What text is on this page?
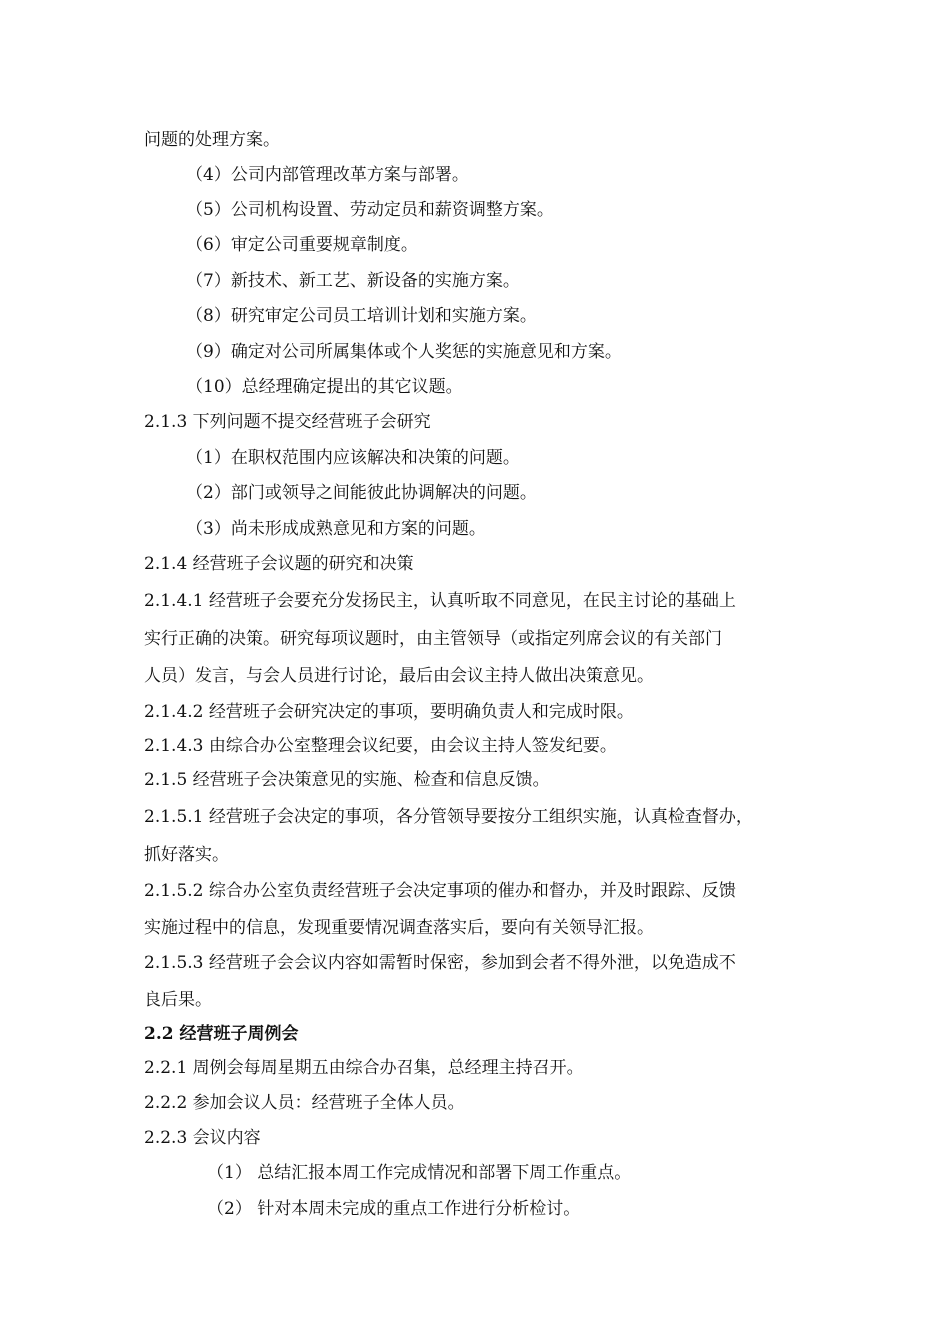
问题的处理方案。
（4）公司内部管理改革方案与部署。
（5）公司机构设置、劳动定员和薪资调整方案。
（6）审定公司重要规章制度。
（7）新技术、新工艺、新设备的实施方案。
（8）研究审定公司员工培训计划和实施方案。
（9）确定对公司所属集体或个人奖惩的实施意见和方案。
（10）总经理确定提出的其它议题。
2.1.3 下列问题不提交经营班子会研究
（1）在职权范围内应该解决和决策的问题。
（2）部门或领导之间能彼此协调解决的问题。
（3）尚未形成成熟意见和方案的问题。
2.1.4 经营班子会议题的研究和决策
2.1.4.1 经营班子会要充分发扬民主，认真听取不同意见，在民主讨论的基础上
实行正确的决策。研究每项议题时，由主管领导（或指定列席会议的有关部门
人员）发言，与会人员进行讨论，最后由会议主持人做出决策意见。
2.1.4.2 经营班子会研究决定的事项，要明确负责人和完成时限。
2.1.4.3 由综合办公室整理会议纪要，由会议主持人签发纪要。
2.1.5 经营班子会决策意见的实施、检查和信息反馈。
2.1.5.1 经营班子会决定的事项，各分管领导要按分工组织实施，认真检查督办，
抓好落实。
2.1.5.2 综合办公室负责经营班子会决定事项的催办和督办，并及时跟踪、反馈
实施过程中的信息，发现重要情况调查落实后，要向有关领导汇报。
2.1.5.3 经营班子会会议内容如需暂时保密，参加到会者不得外泄，以免造成不
良后果。
2.2 经营班子周例会
2.2.1 周例会每周星期五由综合办召集，总经理主持召开。
2.2.2 参加会议人员：经营班子全体人员。
2.2.3 会议内容
（1） 总结汇报本周工作完成情况和部署下周工作重点。
（2） 针对本周未完成的重点工作进行分析检讨。
